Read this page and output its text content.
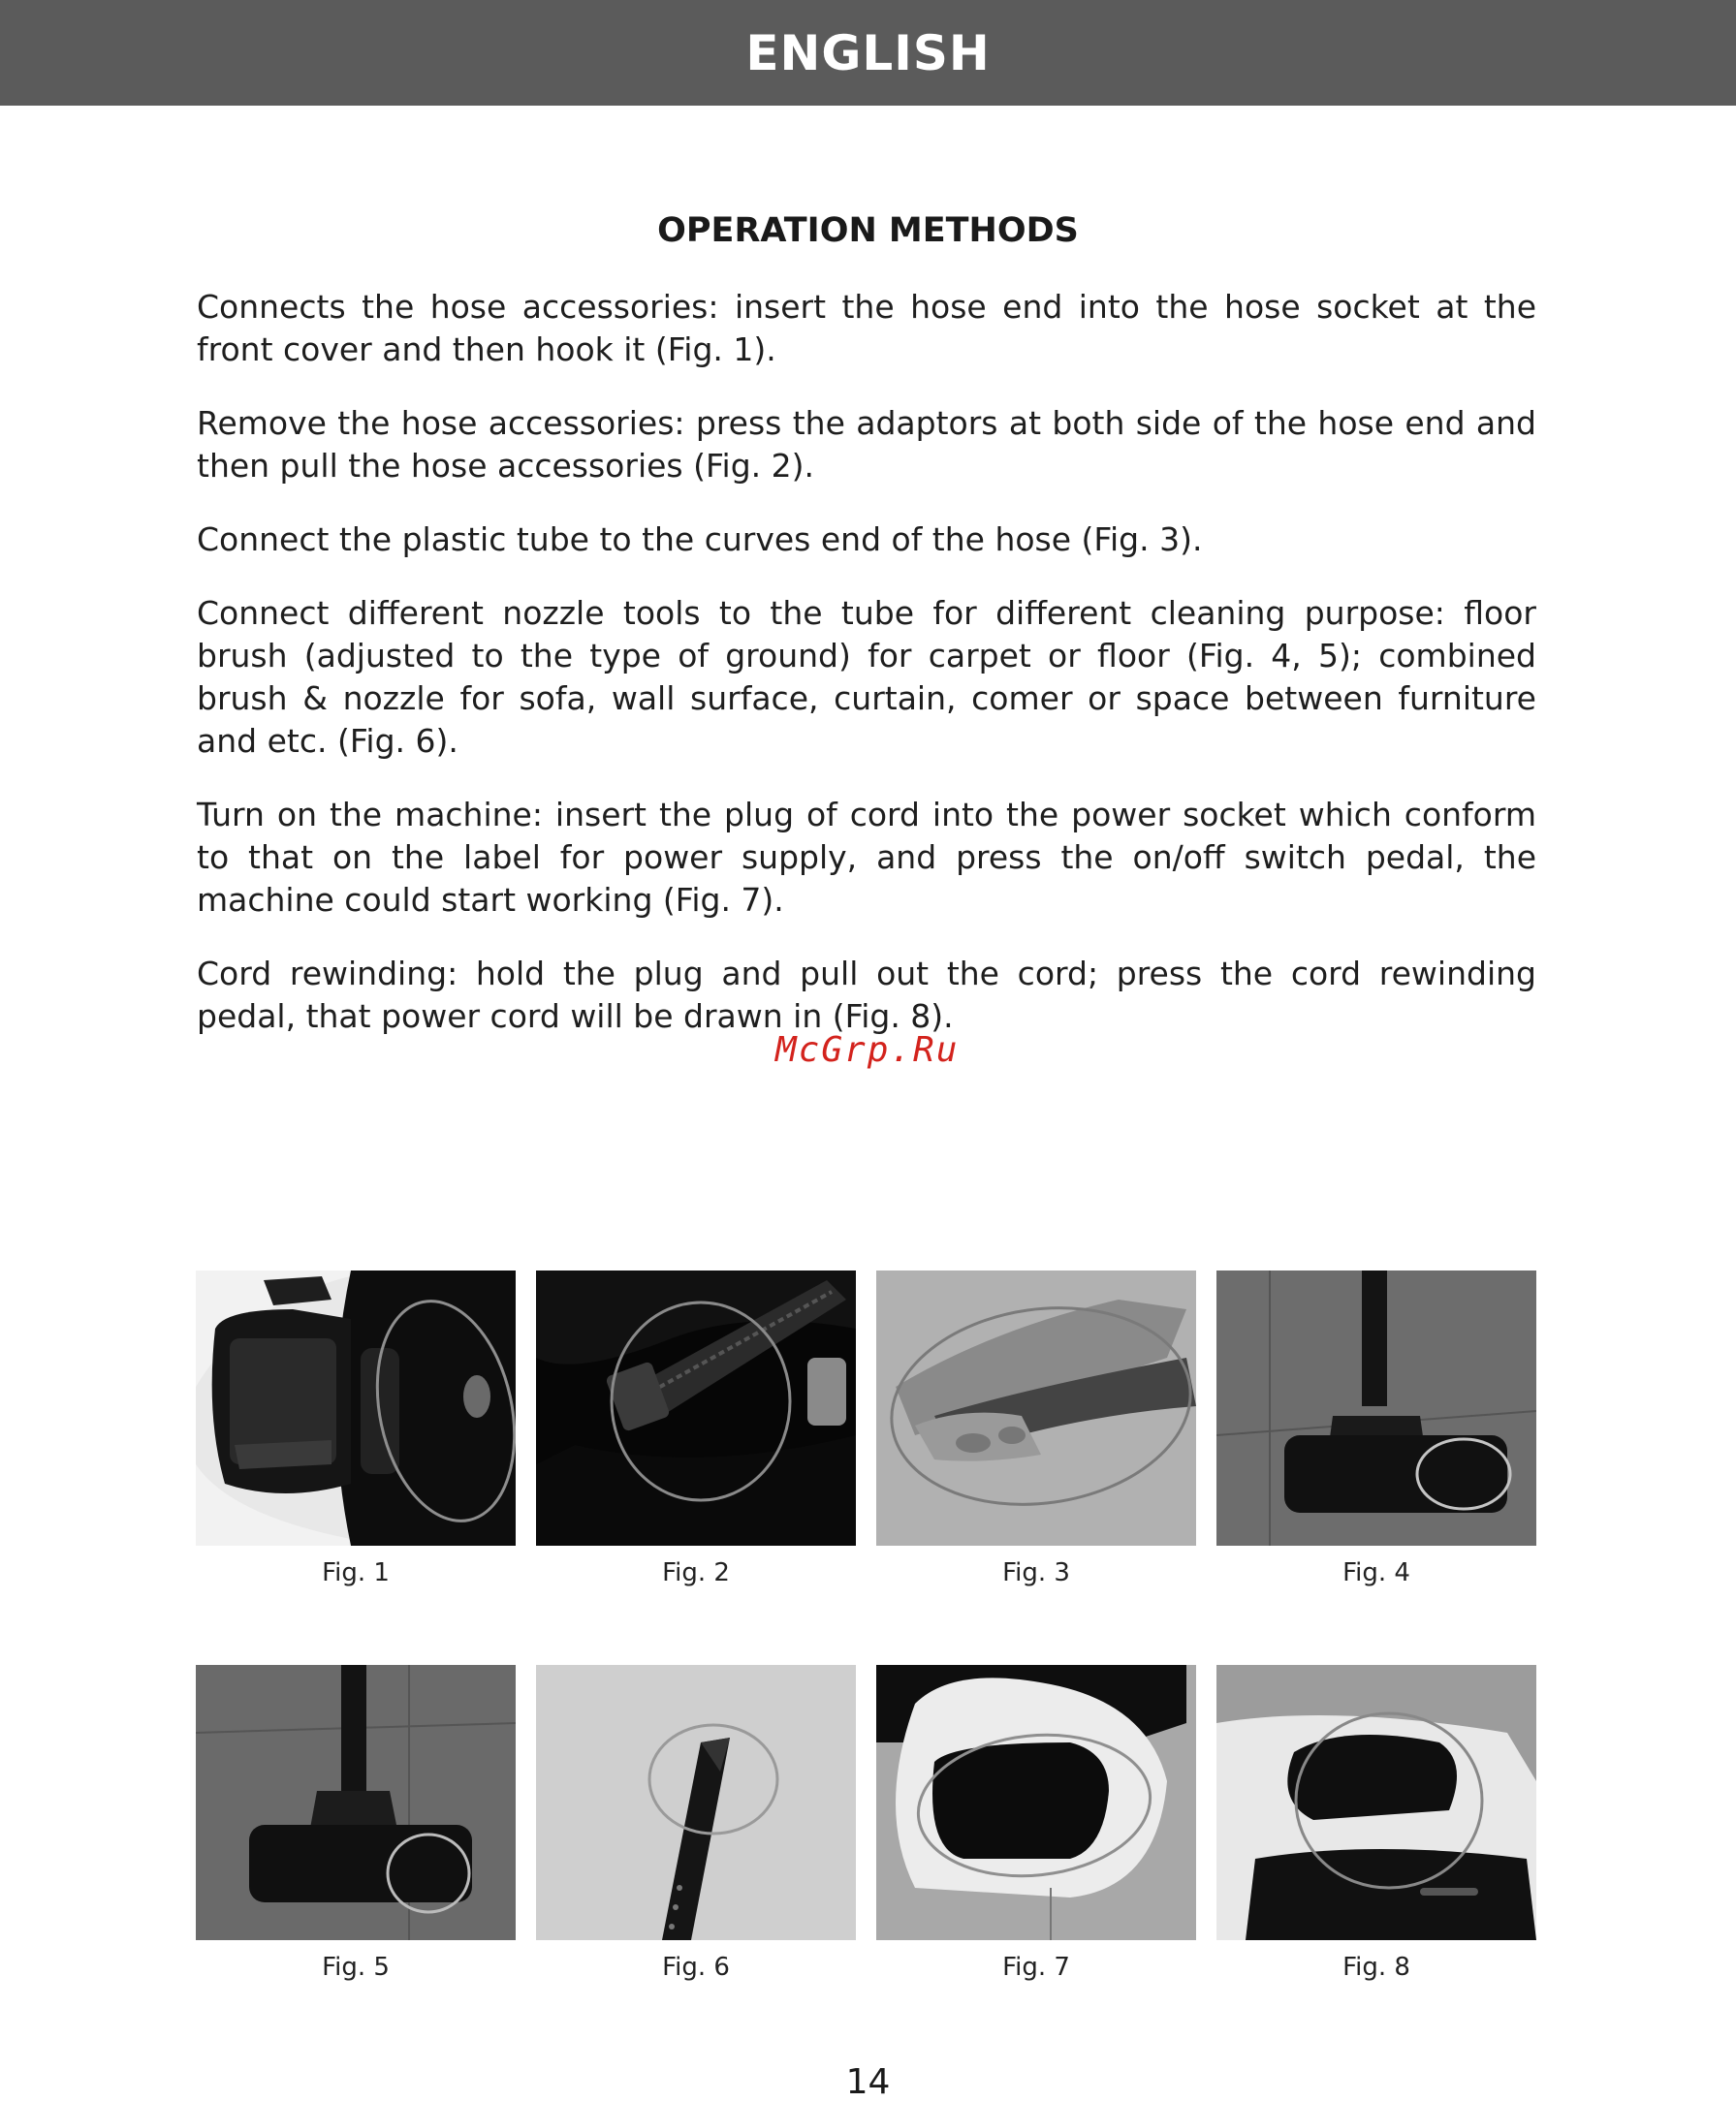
ENGLISH
OPERATION METHODS

Connects the hose accessories: insert the hose end into the hose socket at the front cover and then hook it (Fig. 1).

Remove the hose accessories: press the adaptors at both side of the hose end and then pull the hose accessories (Fig. 2).

Connect the plastic tube to the curves end of the hose (Fig. 3).

Connect different nozzle tools to the tube for different cleaning purpose: floor brush (adjusted to the type of ground) for carpet or floor (Fig. 4, 5); combined brush & nozzle for sofa, wall surface, curtain, comer or space between furniture and etc. (Fig. 6).

Turn on the machine: insert the plug of cord into the power socket which conform to that on the label for power supply, and press the on/off switch pedal, the machine could start working (Fig. 7).

Cord rewinding: hold the plug and pull out the cord; press the cord rewinding pedal, that power cord will be drawn in (Fig. 8).

McGrp.Ru
Fig. 1	Fig. 2	Fig. 3	Fig. 4
Fig. 5	Fig. 6	Fig. 7	Fig. 8
14
